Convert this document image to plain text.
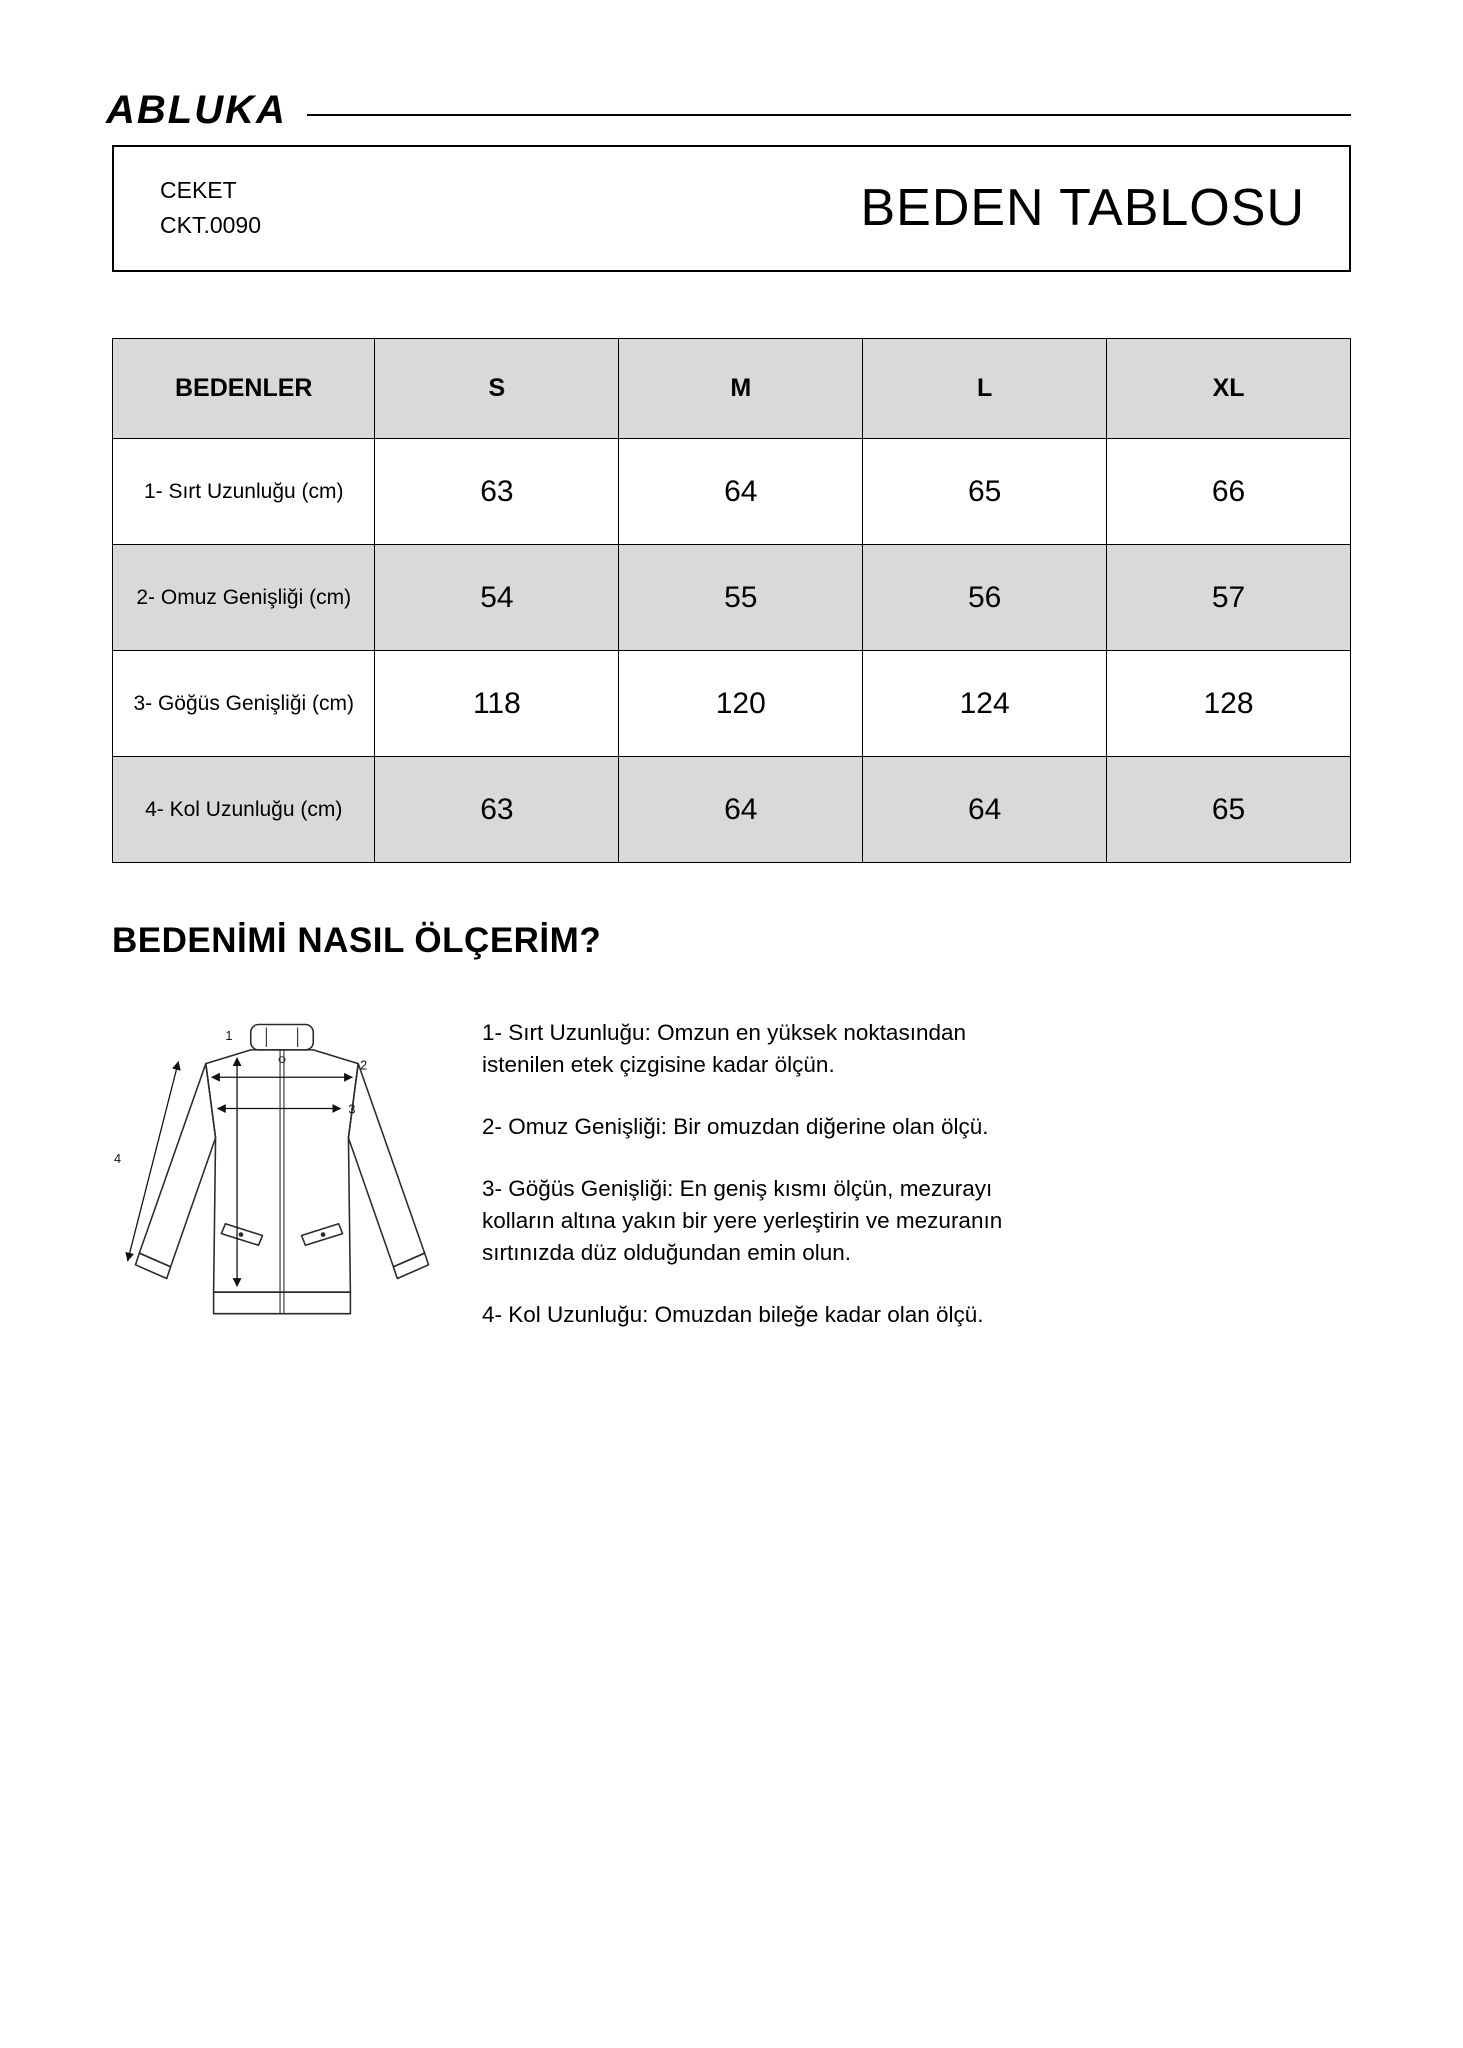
ABLUKA
CEKET
CKT.0090	BEDEN TABLOSU
BEDENLER	S	M	L	XL
1- Sırt Uzunluğu (cm)	63	64	65	66
2- Omuz Genişliği (cm)	54	55	56	57
3- Göğüs Genişliği (cm)	118	120	124	128
4- Kol Uzunluğu (cm)	63	64	64	65
BEDENİMİ NASIL ÖLÇERİM?
1
2
3
4

1- Sırt Uzunluğu: Omzun en yüksek noktasından istenilen etek çizgisine kadar ölçün.

2- Omuz Genişliği: Bir omuzdan diğerine olan ölçü.

3- Göğüs Genişliği: En geniş kısmı ölçün, mezurayı kolların altına yakın bir yere yerleştirin ve mezuranın sırtınızda düz olduğundan emin olun.

4- Kol Uzunluğu: Omuzdan bileğe kadar olan ölçü.
